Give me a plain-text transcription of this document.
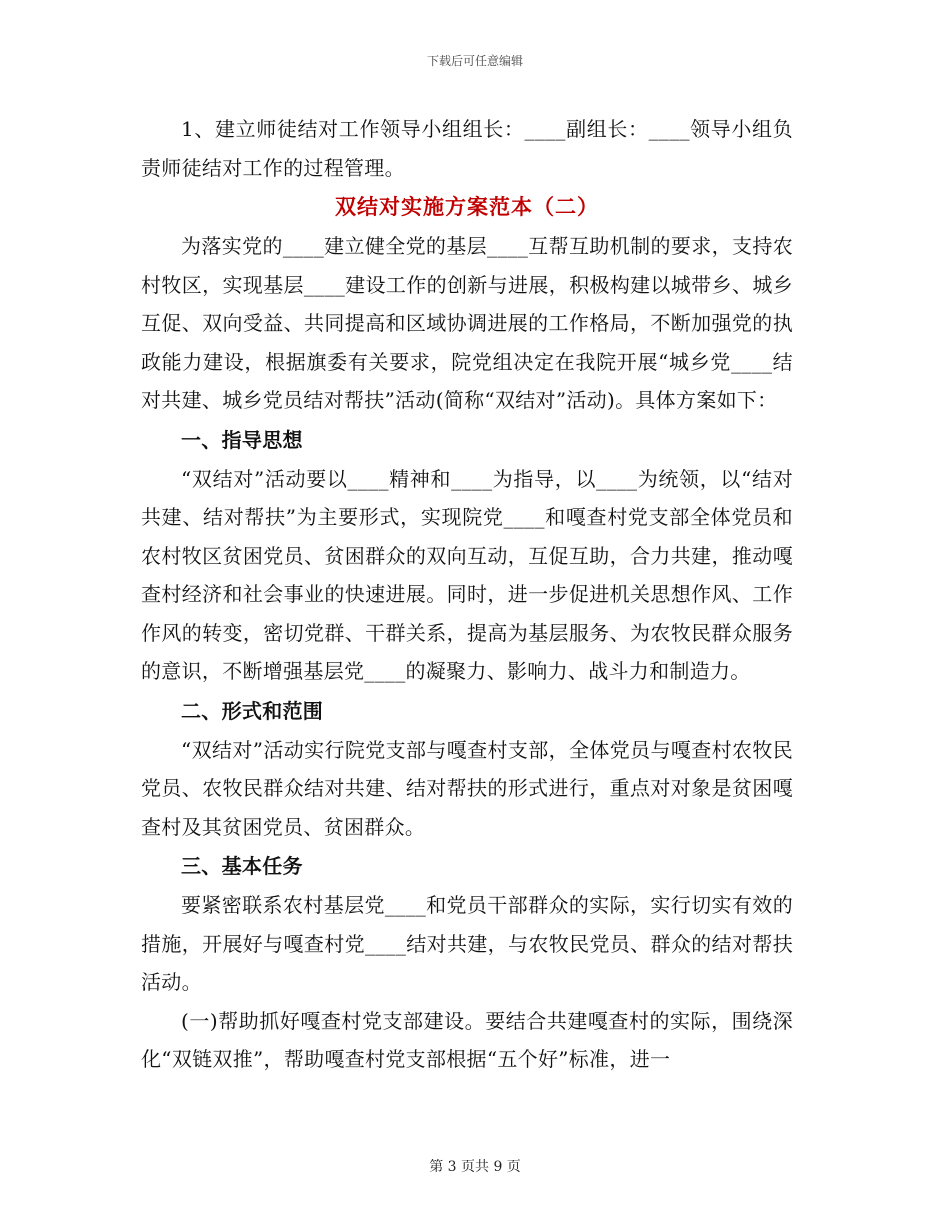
下载后可任意编辑

1、建立师徒结对工作领导小组组长：____副组长：____领导小组负责师徒结对工作的过程管理。

双结对实施方案范本（二）

为落实党的____建立健全党的基层____互帮互助机制的要求，支持农村牧区，实现基层____建设工作的创新与进展，积极构建以城带乡、城乡互促、双向受益、共同提高和区域协调进展的工作格局，不断加强党的执政能力建设，根据旗委有关要求，院党组决定在我院开展“城乡党____结对共建、城乡党员结对帮扶”活动(简称“双结对”活动)。具体方案如下：

一、指导思想

“双结对”活动要以____精神和____为指导，以____为统领，以“结对共建、结对帮扶”为主要形式，实现院党____和嘎查村党支部全体党员和农村牧区贫困党员、贫困群众的双向互动，互促互助，合力共建，推动嘎查村经济和社会事业的快速进展。同时，进一步促进机关思想作风、工作作风的转变，密切党群、干群关系，提高为基层服务、为农牧民群众服务的意识，不断增强基层党____的凝聚力、影响力、战斗力和制造力。

二、形式和范围

“双结对”活动实行院党支部与嘎查村支部，全体党员与嘎查村农牧民党员、农牧民群众结对共建、结对帮扶的形式进行，重点对对象是贫困嘎查村及其贫困党员、贫困群众。

三、基本任务

要紧密联系农村基层党____和党员干部群众的实际，实行切实有效的措施，开展好与嘎查村党____结对共建，与农牧民党员、群众的结对帮扶活动。

(一)帮助抓好嘎查村党支部建设。要结合共建嘎查村的实际，围绕深化“双链双推”，帮助嘎查村党支部根据“五个好”标准，进一

第 3 页共 9 页
